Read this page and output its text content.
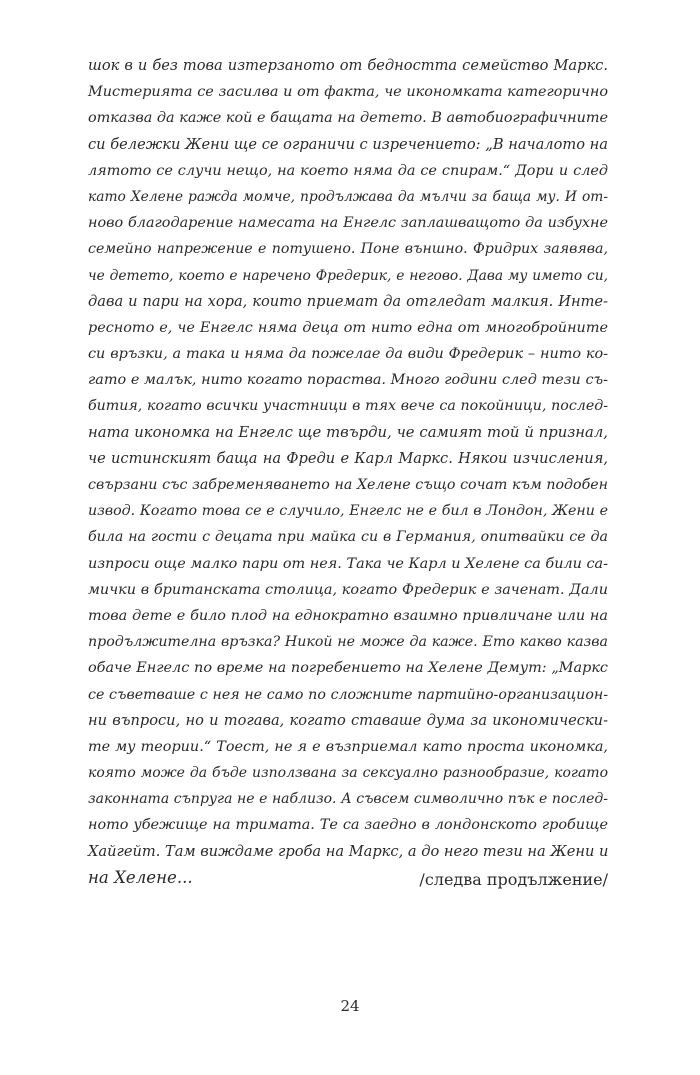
шок в и без това изтерзаното от бедността семейство Маркс.
Мистерията се засилва и от факта, че икономката категорично
отказва да каже кой е бащата на детето. В автобиографичните
си бележки Жени ще се ограничи с изречението: „В началото на
лятото се случи нещо, на което няма да се спирам.“ Дори и след
като Хелене ражда момче, продължава да мълчи за баща му. И от-
ново благодарение намесата на Енгелс заплашващото да избухне
семейно напрежение е потушено. Поне външно. Фридрих заявява,
че детето, което е наречено Фредерик, е негово. Дава му името си,
дава и пари на хора, които приемат да отгледат малкия. Инте-
ресното е, че Енгелс няма деца от нито една от многобройните
си връзки, а така и няма да пожелае да види Фредерик – нито ко-
гато е малък, нито когато пораства. Много години след тези съ-
бития, когато всички участници в тях вече са покойници, послед-
ната икономка на Енгелс ще твърди, че самият той й признал,
че истинският баща на Фреди е Карл Маркс. Някои изчисления,
свързани със забременяването на Хелене също сочат към подобен
извод. Когато това се е случило, Енгелс не е бил в Лондон, Жени е
била на гости с децата при майка си в Германия, опитвайки се да
изпроси още малко пари от нея. Така че Карл и Хелене са били са-
мички в британската столица, когато Фредерик е заченат. Дали
това дете е било плод на еднократно взаимно привличане или на
продължителна връзка? Никой не може да каже. Ето какво казва
обаче Енгелс по време на погребението на Хелене Демут: „Маркс
се съветваше с нея не само по сложните партийно-организацион-
ни въпроси, но и тогава, когато ставаше дума за икономически-
те му теории.“ Тоест, не я е възприемал като проста икономка,
която може да бъде използвана за сексуално разнообразие, когато
законната съпруга не е наблизо. А съвсем символично пък е послед-
ното убежище на тримата. Те са заедно в лондонското гробище
Хайгейт. Там виждаме гроба на Маркс, а до него тези на Жени и
на Хелене...	/следва продължение/
24
